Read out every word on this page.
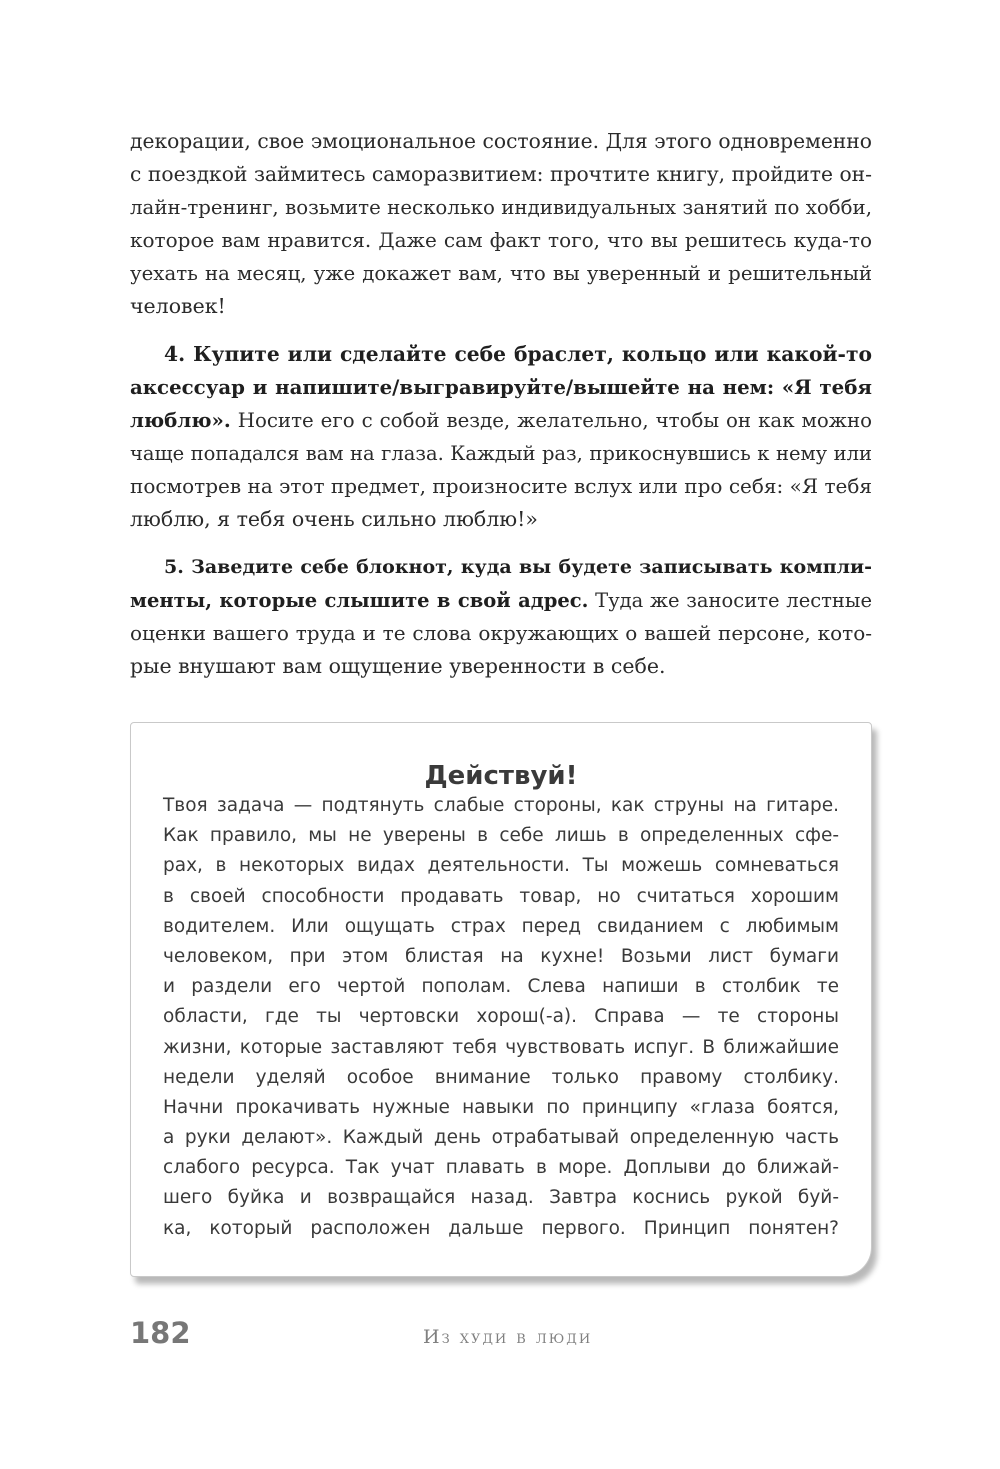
декорации, свое эмоциональное состояние. Для этого одновременно
с поездкой займитесь саморазвитием: прочтите книгу, пройдите он-
лайн-тренинг, возьмите несколько индивидуальных занятий по хобби,
которое вам нравится. Даже сам факт того, что вы решитесь куда-то
уехать на месяц, уже докажет вам, что вы уверенный и решительный
человек!
4. Купите или сделайте себе браслет, кольцо или какой-то
аксессуар и напишите/выгравируйте/вышейте на нем: «Я тебя
люблю». Носите его с собой везде, желательно, чтобы он как можно
чаще попадался вам на глаза. Каждый раз, прикоснувшись к нему или
посмотрев на этот предмет, произносите вслух или про себя: «Я тебя
люблю, я тебя очень сильно люблю!»
5. Заведите себе блокнот, куда вы будете записывать компли-
менты, которые слышите в свой адрес. Туда же заносите лестные
оценки вашего труда и те слова окружающих о вашей персоне, кото-
рые внушают вам ощущение уверенности в себе.
Действуй!
Твоя задача — подтянуть слабые стороны, как струны на гитаре.
Как правило, мы не уверены в себе лишь в определенных сфе-
рах, в некоторых видах деятельности. Ты можешь сомневаться
в своей способности продавать товар, но считаться хорошим
водителем. Или ощущать страх перед свиданием с любимым
человеком, при этом блистая на кухне! Возьми лист бумаги
и раздели его чертой пополам. Слева напиши в столбик те
области, где ты чертовски хорош(-а). Справа — те стороны
жизни, которые заставляют тебя чувствовать испуг. В ближайшие
недели уделяй особое внимание только правому столбику.
Начни прокачивать нужные навыки по принципу «глаза боятся,
а руки делают». Каждый день отрабатывай определенную часть
слабого ресурса. Так учат плавать в море. Доплыви до ближай-
шего буйка и возвращайся назад. Завтра коснись рукой буй-
ка, который расположен дальше первого. Принцип понятен?
182	Из худи в люди
